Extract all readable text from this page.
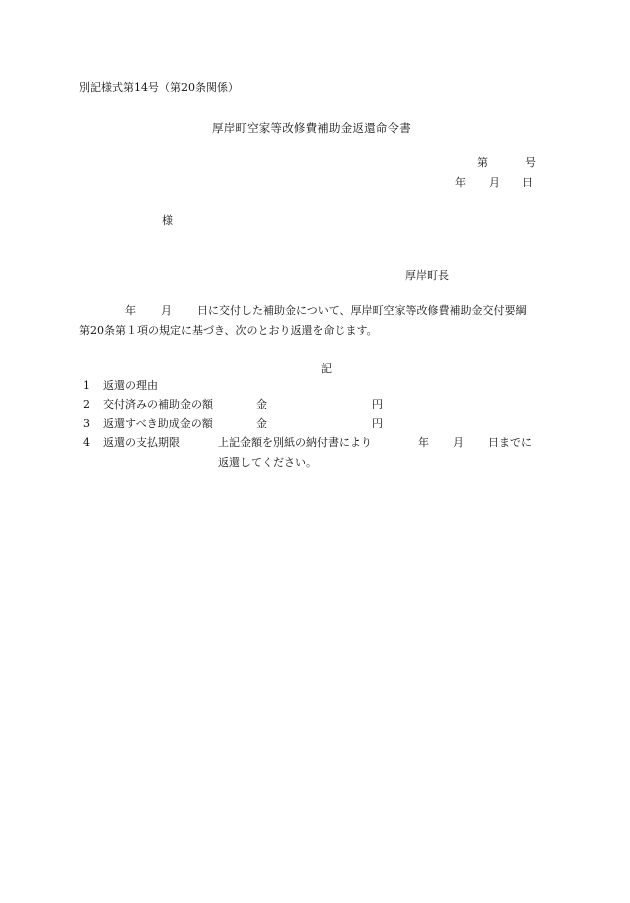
別記様式第14号（第20条関係）
厚岸町空家等改修費補助金返還命令書
第	号
年 月 日
様
厚岸町長
年 月 日に交付した補助金について、厚岸町空家等改修費補助金交付要綱
第20条第１項の規定に基づき、次のとおり返還を命じます。
記
1 返還の理由
2 交付済みの補助金の額	金	円
3 返還すべき助成金の額	金	円
4 返還の支払期限	上記金額を別紙の納付書により	年 月 日までに
返還してください。
